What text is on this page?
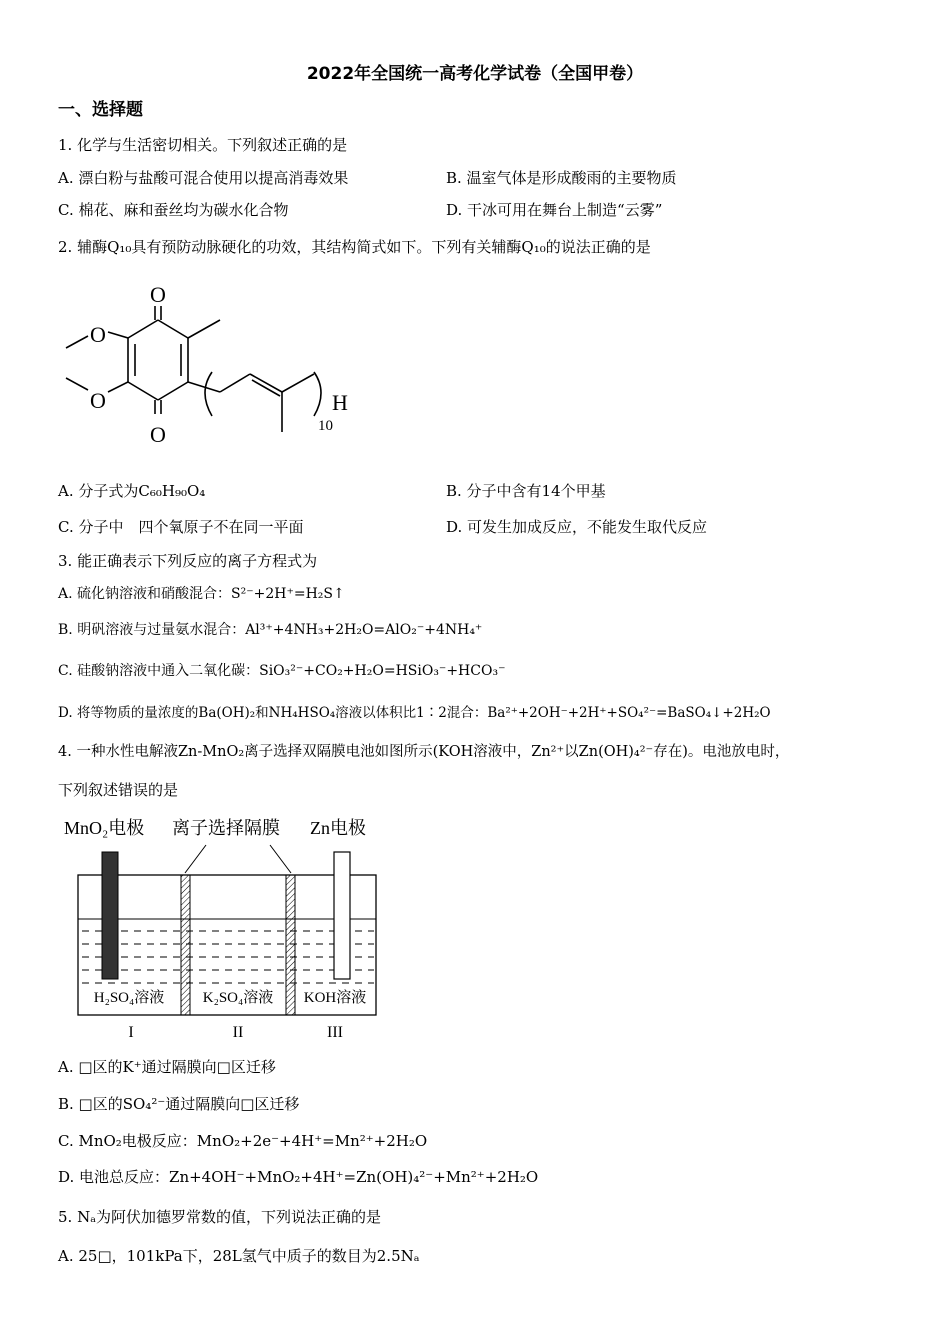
2022年全国统一高考化学试卷（全国甲卷）
一、选择题
1. 化学与生活密切相关。下列叙述正确的是
A. 漂白粉与盐酸可混合使用以提高消毒效果	B. 温室气体是形成酸雨的主要物质
C. 棉花、麻和蚕丝均为碳水化合物	D. 干冰可用在舞台上制造“云雾”
2. 辅酶Q₁₀具有预防动脉硬化的功效，其结构简式如下。下列有关辅酶Q₁₀的说法正确的是
O
O
O
O	H
10
A. 分子式为C₆₀H₉₀O₄	B. 分子中含有14个甲基
C. 分子中　四个氧原子不在同一平面	D. 可发生加成反应，不能发生取代反应
3. 能正确表示下列反应的离子方程式为
A. 硫化钠溶液和硝酸混合：S²⁻+2H⁺=H₂S↑
B. 明矾溶液与过量氨水混合：Al³⁺+4NH₃+2H₂O=AlO₂⁻+4NH₄⁺
C. 硅酸钠溶液中通入二氧化碳：SiO₃²⁻+CO₂+H₂O=HSiO₃⁻+HCO₃⁻
D. 将等物质的量浓度的Ba(OH)₂和NH₄HSO₄溶液以体积比1∶2混合：Ba²⁺+2OH⁻+2H⁺+SO₄²⁻=BaSO₄↓+2H₂O
4. 一种水性电解液Zn-MnO₂离子选择双隔膜电池如图所示(KOH溶液中，Zn²⁺以Zn(OH)₄²⁻存在)。电池放电时，
下列叙述错误的是
MnO₂电极 离子选择隔膜 Zn电极
H₂SO₄溶液	K₂SO₄溶液 KOH溶液
I	II	III
A. □区的K⁺通过隔膜向□区迁移
B. □区的SO₄²⁻通过隔膜向□区迁移
C. MnO₂电极反应：MnO₂+2e⁻+4H⁺=Mn²⁺+2H₂O
D. 电池总反应：Zn+4OH⁻+MnO₂+4H⁺=Zn(OH)₄²⁻+Mn²⁺+2H₂O
5. Nₐ为阿伏加德罗常数的值，下列说法正确的是
A. 25□，101kPa下，28L氢气中质子的数目为2.5Nₐ
